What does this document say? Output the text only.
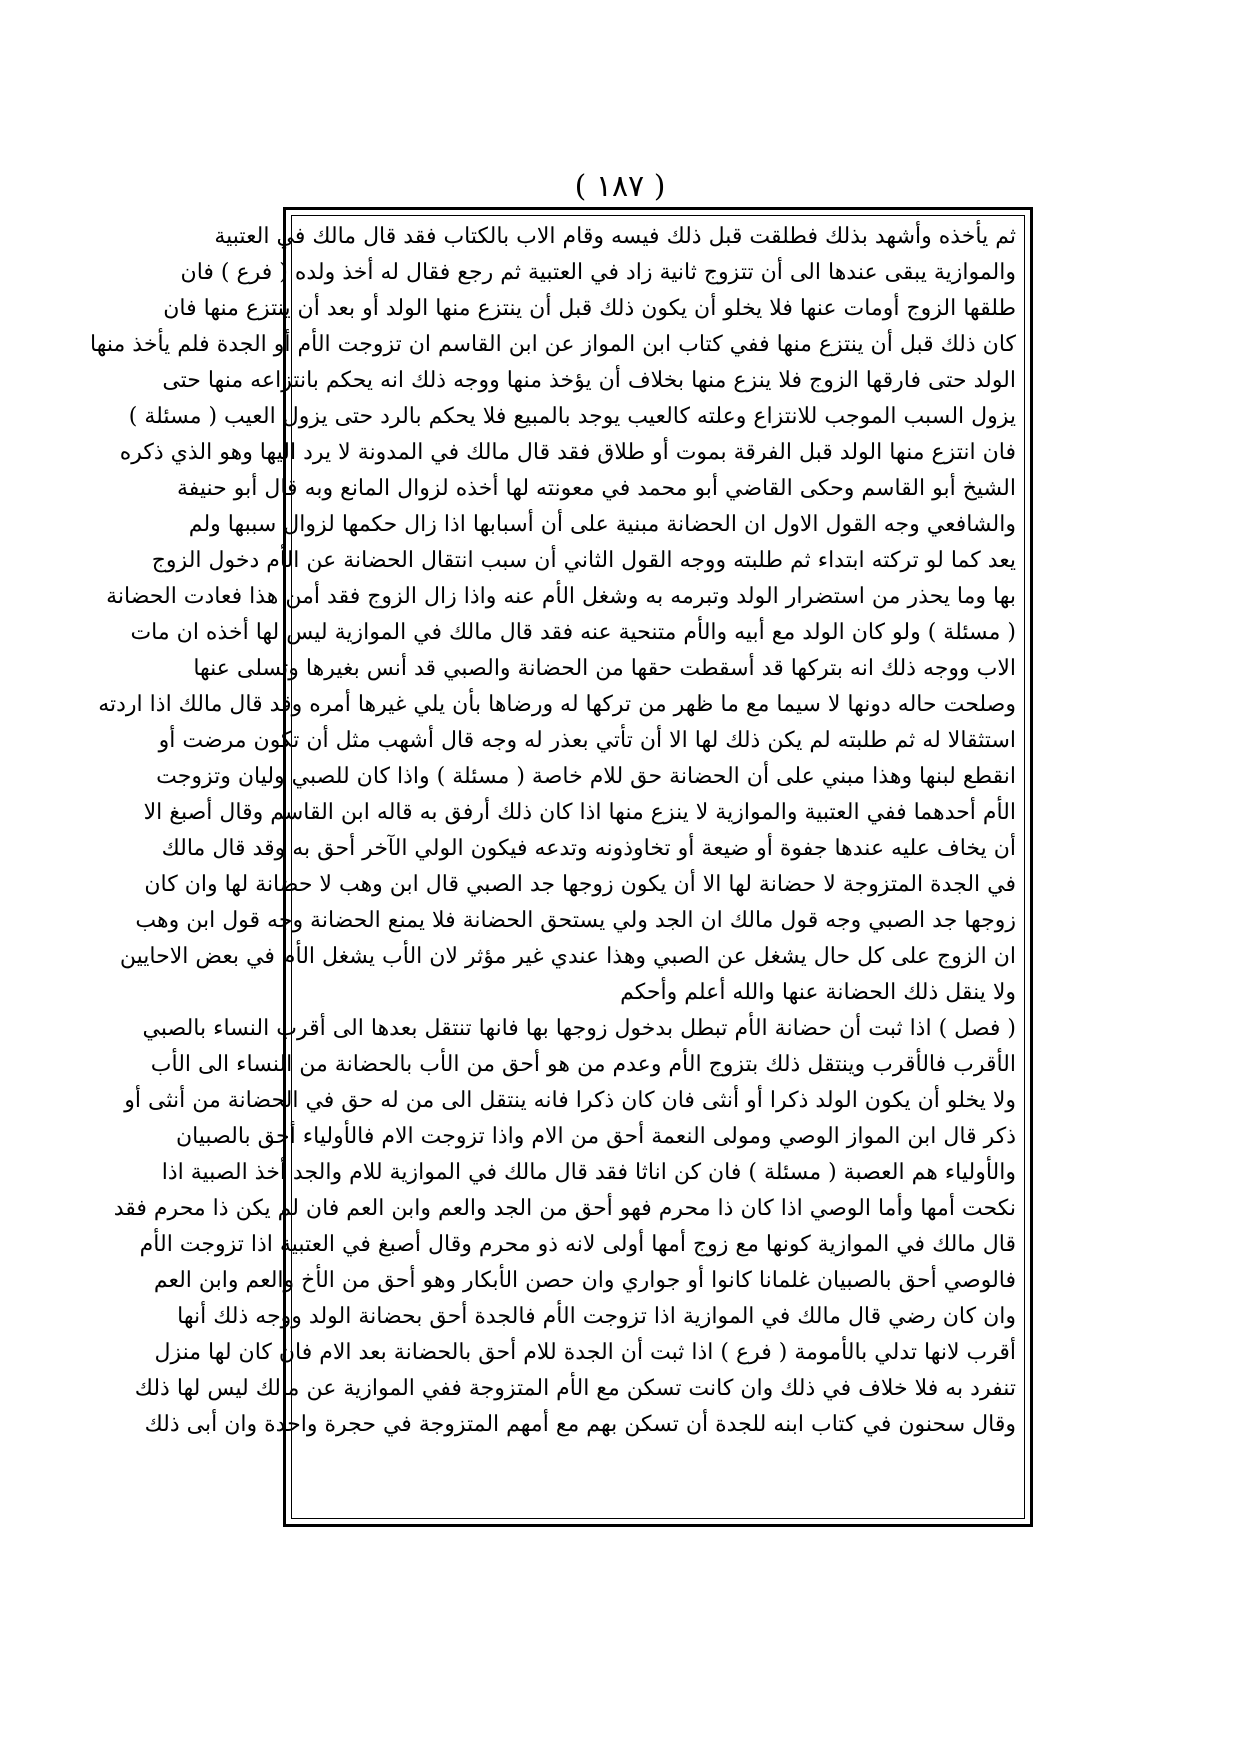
( ١٨٧ )
ثم يأخذه وأشهد بذلك فطلقت قبل ذلك فيسه وقام الاب بالكتاب فقد قال مالك في العتبية
والموازية يبقى عندها الى أن تتزوج ثانية زاد في العتبية ثم رجع فقال له أخذ ولده ( فرع ) فان
طلقها الزوج أومات عنها فلا يخلو أن يكون ذلك قبل أن ينتزع منها الولد أو بعد أن ينتزع منها فان
كان ذلك قبل أن ينتزع منها ففي كتاب ابن المواز عن ابن القاسم ان تزوجت الأم أو الجدة فلم يأخذ منها
الولد حتى فارقها الزوج فلا ينزع منها بخلاف أن يؤخذ منها ووجه ذلك انه يحكم بانتزاعه منها حتى
يزول السبب الموجب للانتزاع وعلته كالعيب يوجد بالمبيع فلا يحكم بالرد حتى يزول العيب ( مسئلة )
فان انتزع منها الولد قبل الفرقة بموت أو طلاق فقد قال مالك في المدونة لا يرد اليها وهو الذي ذكره
الشيخ أبو القاسم وحكى القاضي أبو محمد في معونته لها أخذه لزوال المانع وبه قال أبو حنيفة
والشافعي وجه القول الاول ان الحضانة مبنية على أن أسبابها اذا زال حكمها لزوال سببها ولم
يعد كما لو تركته ابتداء ثم طلبته ووجه القول الثاني أن سبب انتقال الحضانة عن الأم دخول الزوج
بها وما يحذر من استضرار الولد وتبرمه به وشغل الأم عنه واذا زال الزوج فقد أمن هذا فعادت الحضانة
( مسئلة ) ولو كان الولد مع أبيه والأم متنحية عنه فقد قال مالك في الموازية ليس لها أخذه ان مات
الاب ووجه ذلك انه بتركها قد أسقطت حقها من الحضانة والصبي قد أنس بغيرها وتسلى عنها
وصلحت حاله دونها لا سيما مع ما ظهر من تركها له ورضاها بأن يلي غيرها أمره وقد قال مالك اذا اردته
استثقالا له ثم طلبته لم يكن ذلك لها الا أن تأتي بعذر له وجه قال أشهب مثل أن تكون مرضت أو
انقطع لبنها وهذا مبني على أن الحضانة حق للام خاصة ( مسئلة ) واذا كان للصبي وليان وتزوجت
الأم أحدهما ففي العتبية والموازية لا ينزع منها اذا كان ذلك أرفق به قاله ابن القاسم وقال أصبغ الا
أن يخاف عليه عندها جفوة أو ضيعة أو تخاوذونه وتدعه فيكون الولي الآخر أحق به وقد قال مالك
في الجدة المتزوجة لا حضانة لها الا أن يكون زوجها جد الصبي قال ابن وهب لا حضانة لها وان كان
زوجها جد الصبي وجه قول مالك ان الجد ولي يستحق الحضانة فلا يمنع الحضانة وجه قول ابن وهب
ان الزوج على كل حال يشغل عن الصبي وهذا عندي غير مؤثر لان الأب يشغل الأم في بعض الاحايين
ولا ينقل ذلك الحضانة عنها والله أعلم وأحكم
( فصل ) اذا ثبت أن حضانة الأم تبطل بدخول زوجها بها فانها تنتقل بعدها الى أقرب النساء بالصبي
الأقرب فالأقرب وينتقل ذلك بتزوج الأم وعدم من هو أحق من الأب بالحضانة من النساء الى الأب
ولا يخلو أن يكون الولد ذكرا أو أنثى فان كان ذكرا فانه ينتقل الى من له حق في الحضانة من أنثى أو
ذكر قال ابن المواز الوصي ومولى النعمة أحق من الام واذا تزوجت الام فالأولياء أحق بالصبيان
والأولياء هم العصبة ( مسئلة ) فان كن اناثا فقد قال مالك في الموازية للام والجد أخذ الصبية اذا
نكحت أمها وأما الوصي اذا كان ذا محرم فهو أحق من الجد والعم وابن العم فان لم يكن ذا محرم فقد
قال مالك في الموازية كونها مع زوج أمها أولى لانه ذو محرم وقال أصبغ في العتبية اذا تزوجت الأم
فالوصي أحق بالصبيان غلمانا كانوا أو جواري وان حصن الأبكار وهو أحق من الأخ والعم وابن العم
وان كان رضي قال مالك في الموازية اذا تزوجت الأم فالجدة أحق بحضانة الولد ووجه ذلك أنها
أقرب لانها تدلي بالأمومة ( فرع ) اذا ثبت أن الجدة للام أحق بالحضانة بعد الام فان كان لها منزل
تنفرد به فلا خلاف في ذلك وان كانت تسكن مع الأم المتزوجة ففي الموازية عن مالك ليس لها ذلك
وقال سحنون في كتاب ابنه للجدة أن تسكن بهم مع أمهم المتزوجة في حجرة واحدة وان أبى ذلك
